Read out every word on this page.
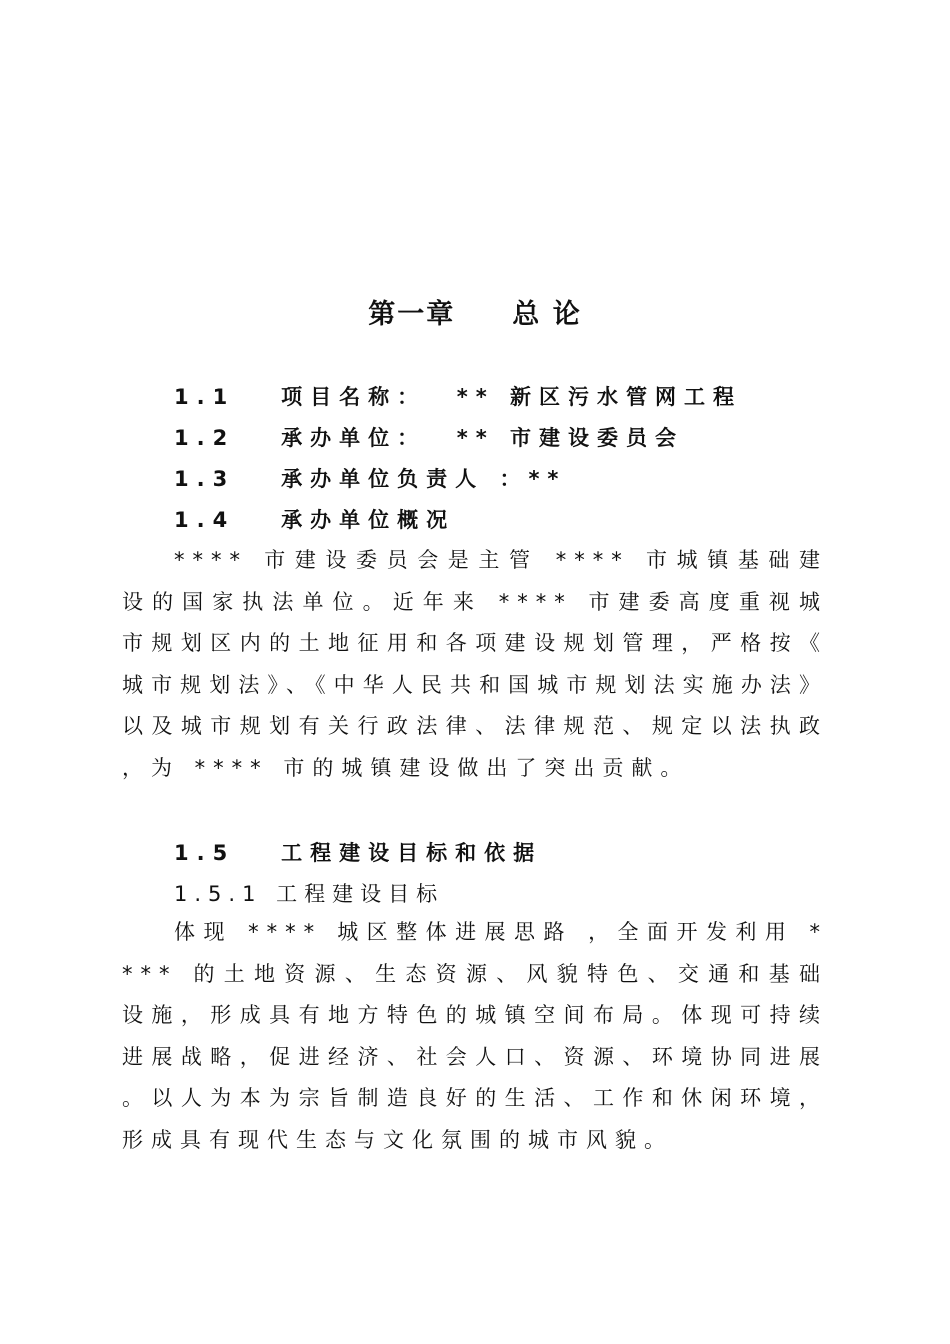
第一章     总 论
1.1 项目名称：  ** 新区污水管网工程
1.2 承办单位：  ** 市建设委员会
1.3 承办单位负责人 ：**
1.4 承办单位概况

**** 市建设委员会是主管 **** 市城镇基础建设的国家执法单位。近年来 **** 市建委高度重视城市规划区内的土地征用和各项建设规划管理，严格按《城市规划法》、《中华人民共和国城市规划法实施办法》以及城市规划有关行政法律、法律规范、规定以法执政，为 **** 市的城镇建设做出了突出贡献。

1.5 工程建设目标和依据
1.5.1 工程建设目标

体现 **** 城区整体进展思路 ，全面开发利用 **** 的土地资源、生态资源、风貌特色、交通和基础设施，形成具有地方特色的城镇空间布局。体现可持续进展战略，促进经济、社会人口、资源、环境协同进展。以人为本为宗旨制造良好的生活、工作和休闲环境，形成具有现代生态与文化氛围的城市风貌。
